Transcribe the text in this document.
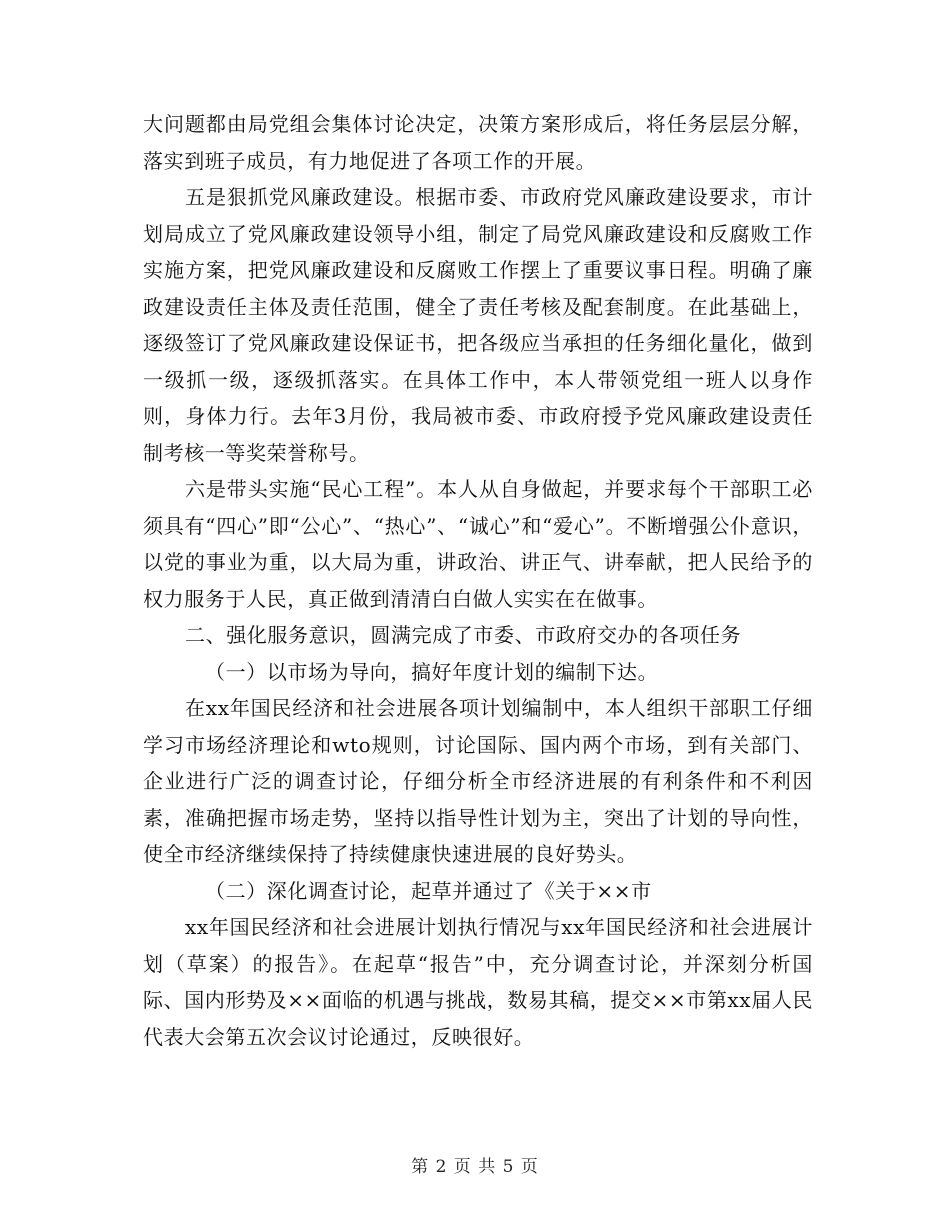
大问题都由局党组会集体讨论决定，决策方案形成后，将任务层层分解，落实到班子成员，有力地促进了各项工作的开展。

五是狠抓党风廉政建设。根据市委、市政府党风廉政建设要求，市计划局成立了党风廉政建设领导小组，制定了局党风廉政建设和反腐败工作实施方案，把党风廉政建设和反腐败工作摆上了重要议事日程。明确了廉政建设责任主体及责任范围，健全了责任考核及配套制度。在此基础上，逐级签订了党风廉政建设保证书，把各级应当承担的任务细化量化，做到一级抓一级，逐级抓落实。在具体工作中，本人带领党组一班人以身作则，身体力行。去年3月份，我局被市委、市政府授予党风廉政建设责任制考核一等奖荣誉称号。

六是带头实施“民心工程”。本人从自身做起，并要求每个干部职工必须具有“四心”即“公心”、“热心”、“诚心”和“爱心”。不断增强公仆意识，以党的事业为重，以大局为重，讲政治、讲正气、讲奉献，把人民给予的权力服务于人民，真正做到清清白白做人实实在在做事。

二、强化服务意识，圆满完成了市委、市政府交办的各项任务

（一）以市场为导向，搞好年度计划的编制下达。

在xx年国民经济和社会进展各项计划编制中，本人组织干部职工仔细学习市场经济理论和wto规则，讨论国际、国内两个市场，到有关部门、企业进行广泛的调查讨论，仔细分析全市经济进展的有利条件和不利因素，准确把握市场走势，坚持以指导性计划为主，突出了计划的导向性，使全市经济继续保持了持续健康快速进展的良好势头。

（二）深化调查讨论，起草并通过了《关于××市

xx年国民经济和社会进展计划执行情况与xx年国民经济和社会进展计划（草案）的报告》。在起草“报告”中，充分调查讨论，并深刻分析国际、国内形势及××面临的机遇与挑战，数易其稿，提交××市第xx届人民代表大会第五次会议讨论通过，反映很好。

第 2 页 共 5 页
